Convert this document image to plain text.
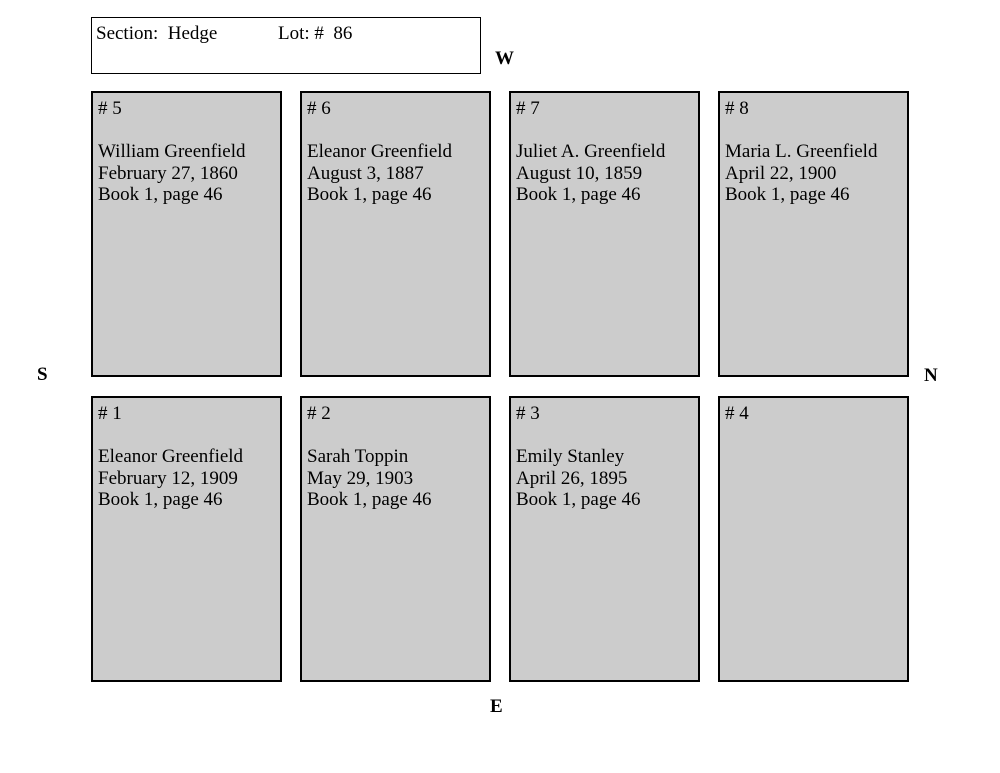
Section:  Hedge	Lot: #  86
W
S	N
E
# 5
William Greenfield
February 27, 1860
Book 1, page 46
# 6
Eleanor Greenfield
August 3, 1887
Book 1, page 46
# 7
Juliet A. Greenfield
August 10, 1859
Book 1, page 46
# 8
Maria L. Greenfield
April 22, 1900
Book 1, page 46
# 1
Eleanor Greenfield
February 12, 1909
Book 1, page 46
# 2
Sarah Toppin
May 29, 1903
Book 1, page 46
# 3
Emily Stanley
April 26, 1895
Book 1, page 46
# 4
